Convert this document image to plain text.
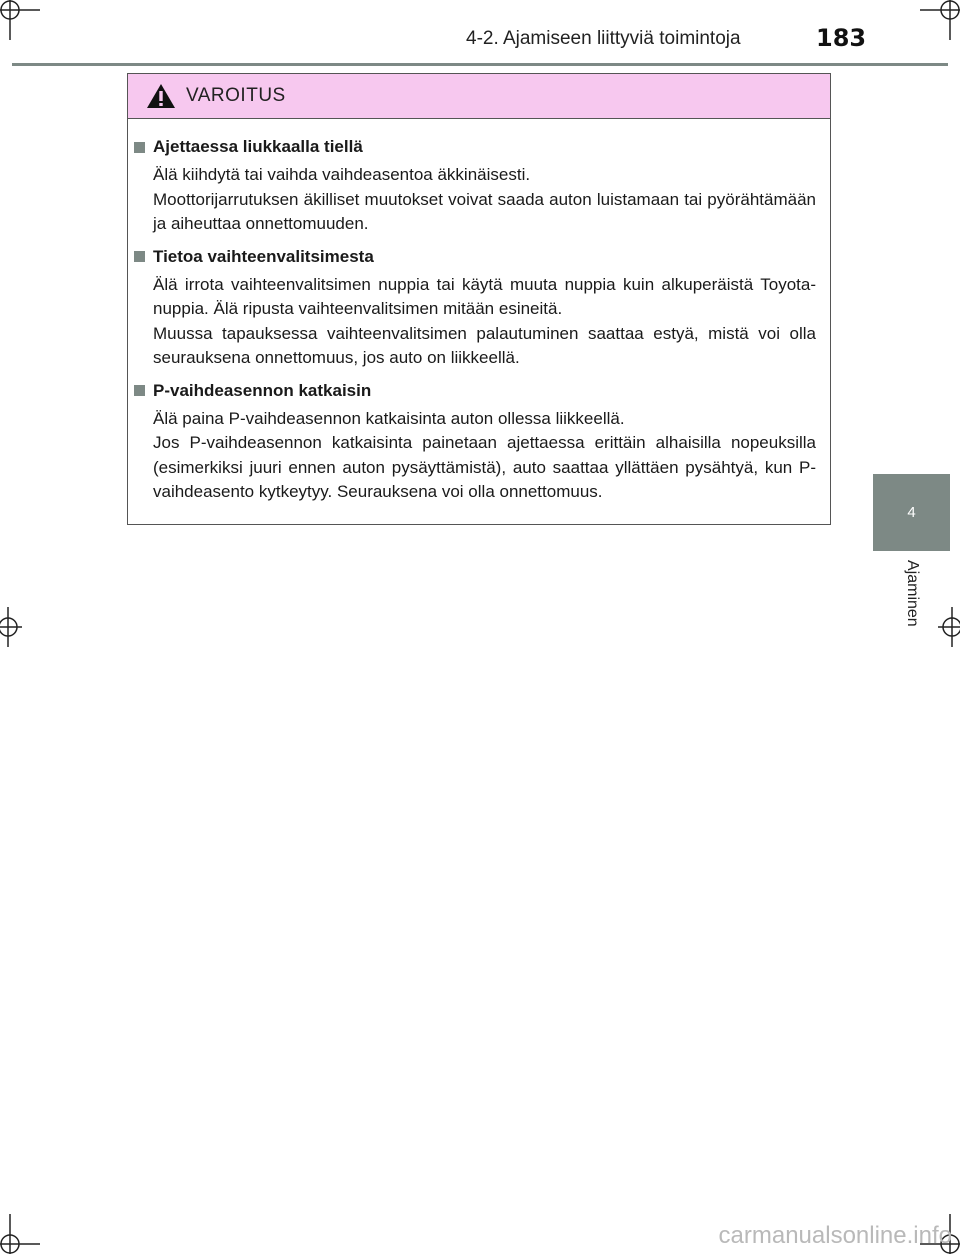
4-2. Ajamiseen liittyviä toimintoja	183
4
Ajaminen
VAROITUS
Ajettaessa liukkaalla tiellä

Älä kiihdytä tai vaihda vaihdeasentoa äkkinäisesti.

Moottorijarrutuksen äkilliset muutokset voivat saada auton luistamaan tai pyörähtämään ja aiheuttaa onnettomuuden.

Tietoa vaihteenvalitsimesta

Älä irrota vaihteenvalitsimen nuppia tai käytä muuta nuppia kuin alkuperäistä Toyota-nuppia. Älä ripusta vaihteenvalitsimen mitään esineitä.

Muussa tapauksessa vaihteenvalitsimen palautuminen saattaa estyä, mistä voi olla seurauksena onnettomuus, jos auto on liikkeellä.

P-vaihdeasennon katkaisin

Älä paina P-vaihdeasennon katkaisinta auton ollessa liikkeellä.

Jos P-vaihdeasennon katkaisinta painetaan ajettaessa erittäin alhaisilla nopeuksilla (esimerkiksi juuri ennen auton pysäyttämistä), auto saattaa yllättäen pysähtyä, kun P-vaihdeasento kytkeytyy. Seurauksena voi olla onnettomuus.

carmanualsonline.info
